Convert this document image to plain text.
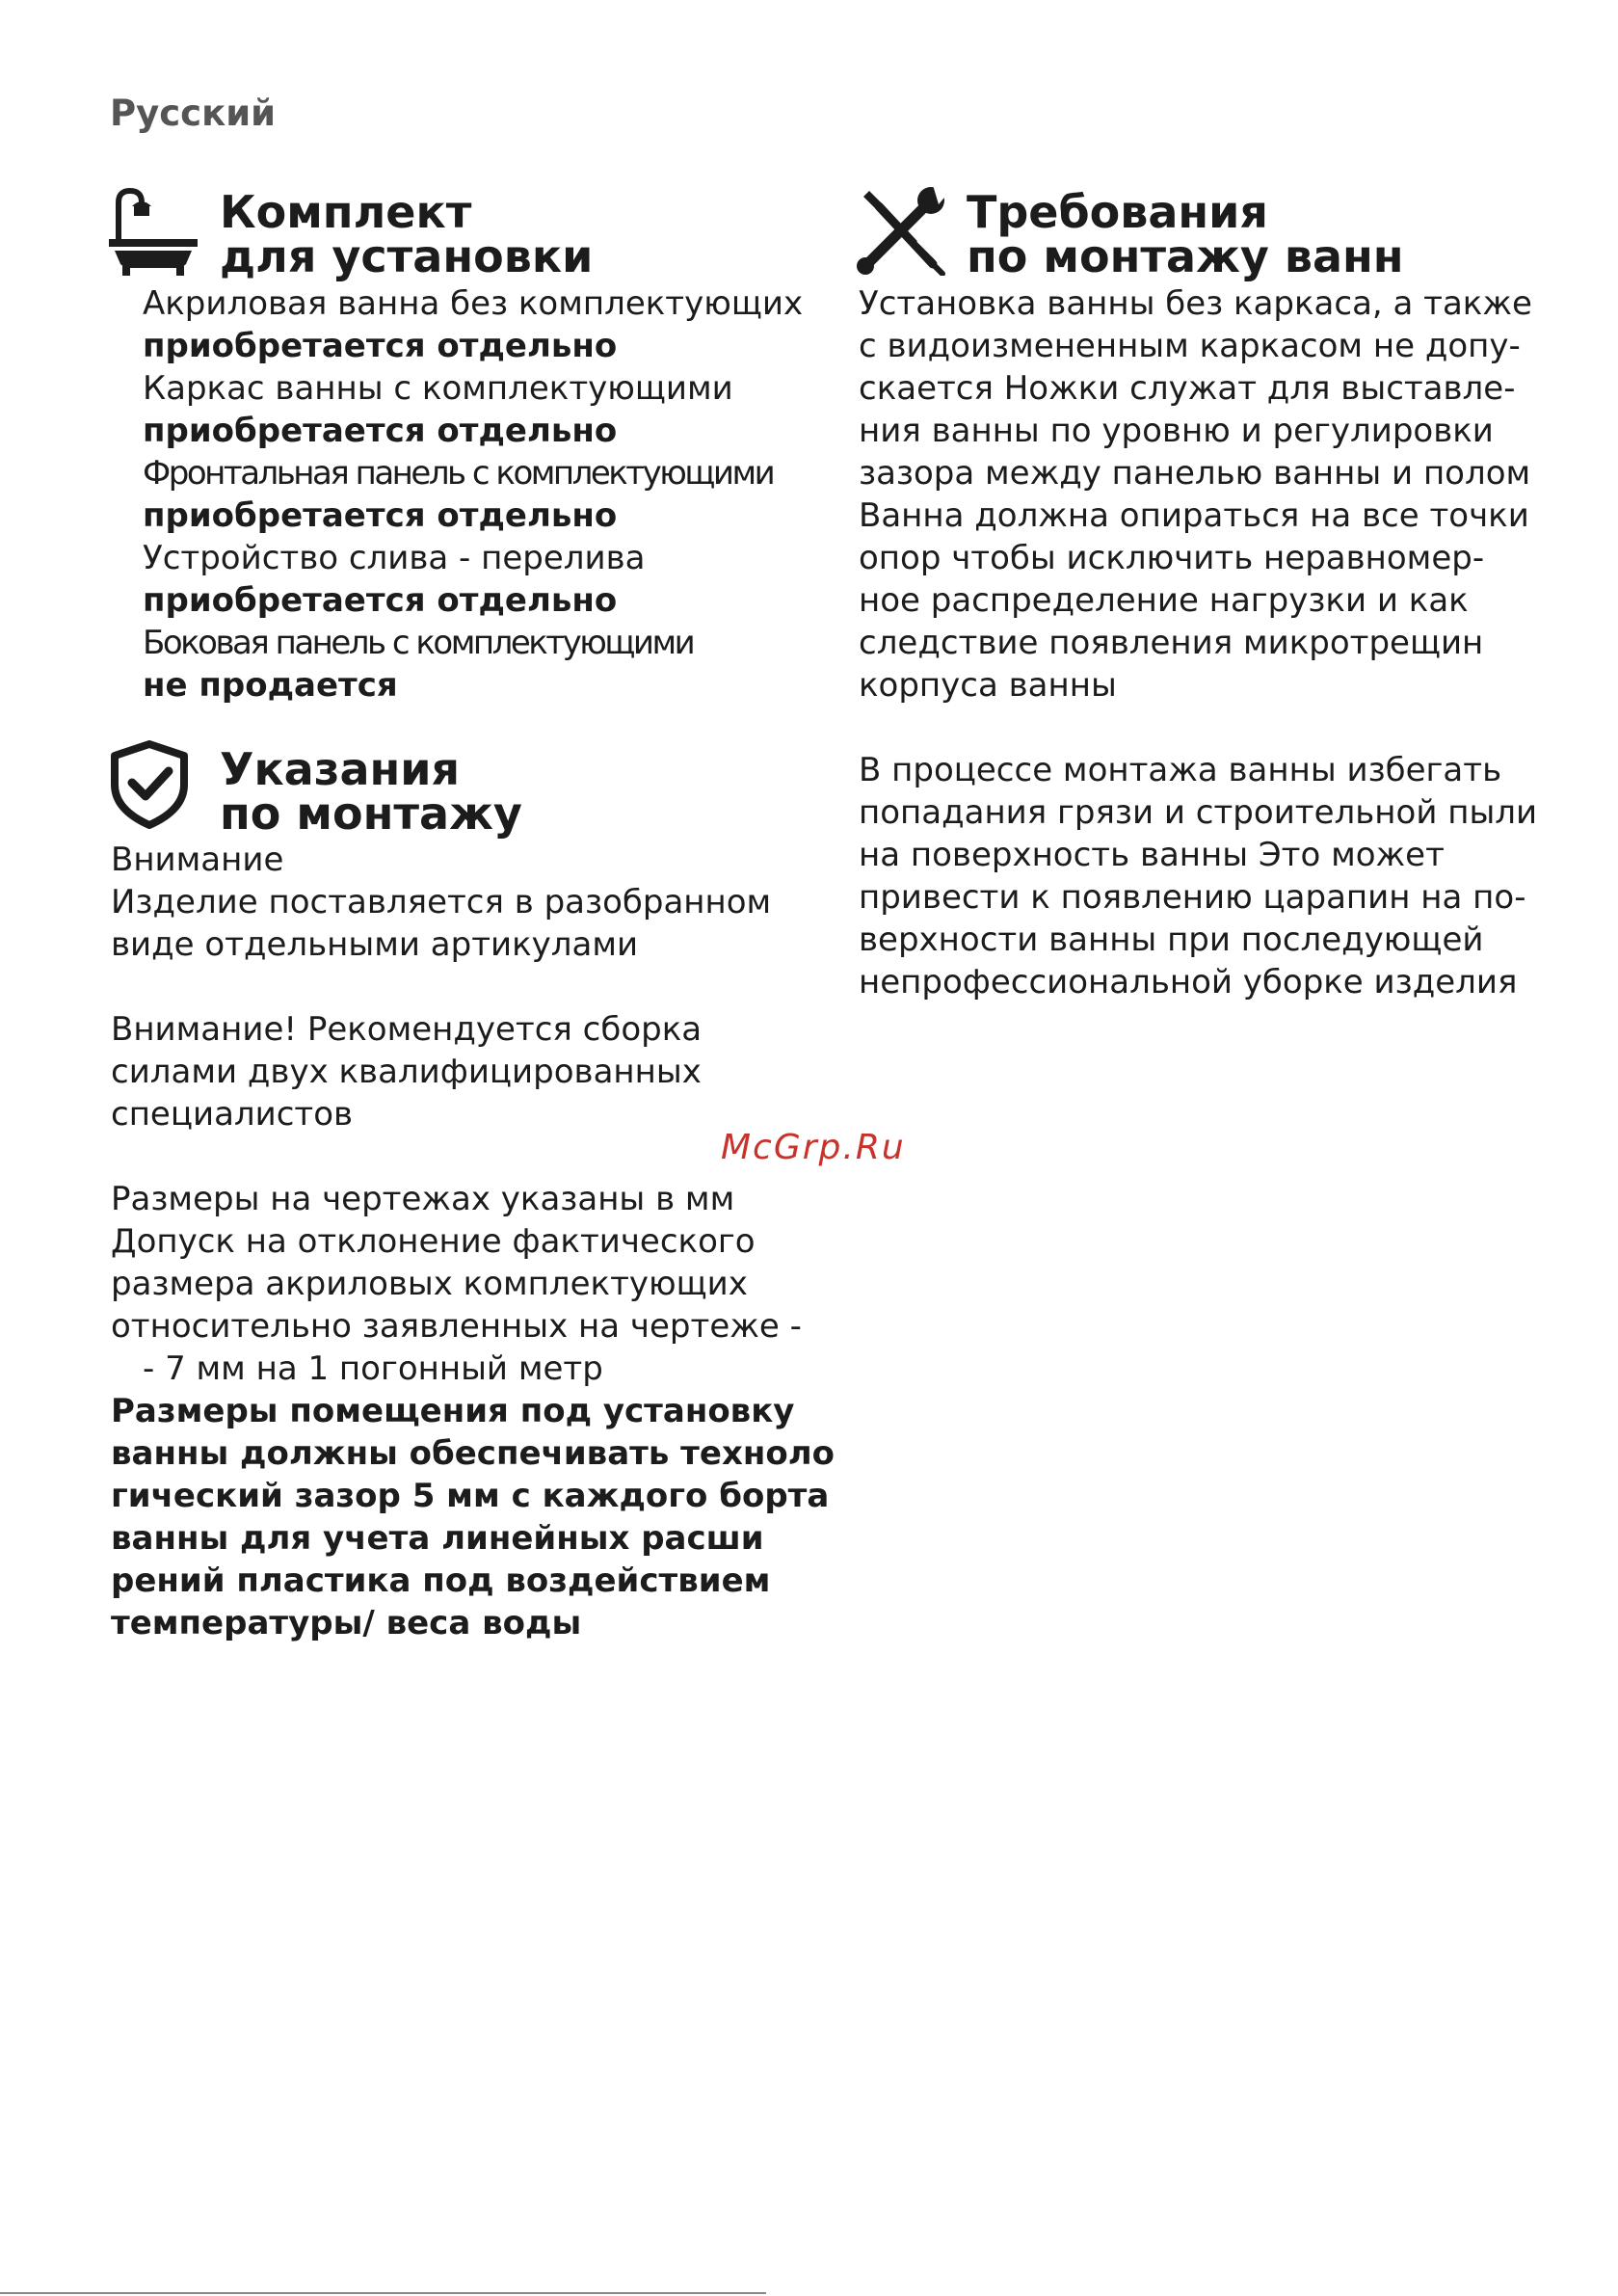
Русский
Комплект
для установки
Акриловая ванна без комплектующих
приобретается отдельно
Каркас ванны с комплектующими
приобретается отдельно
Фронтальная панель с комплектующими
приобретается отдельно
Устройство слива - перелива
приобретается отдельно
Боковая панель с комплектующими
не продается
Указания
по монтажу
Внимание
Изделие поставляется в разобранном
виде отдельными артикулами
Внимание! Рекомендуется сборка
силами двух квалифицированных
специалистов
Размеры на чертежах указаны в мм
Допуск на отклонение фактического
размера акриловых комплектующих
относительно заявленных на чертеже -
- 7 мм на 1 погонный метр
Размеры помещения под установку
ванны должны обеспечивать техноло
гический зазор 5 мм с каждого борта
ванны для учета линейных расши
рений пластика под воздействием
температуры/ веса воды
Требования
по монтажу ванн
Установка ванны без каркаса, а также
с видоизмененным каркасом не допу-
скается Ножки служат для выставле-
ния ванны по уровню и регулировки
зазора между панелью ванны и полом
Ванна должна опираться на все точки
опор чтобы исключить неравномер-
ное распределение нагрузки и как
следствие появления микротрещин
корпуса ванны
В процессе монтажа ванны избегать
попадания грязи и строительной пыли
на поверхность ванны Это может
привести к появлению царапин на по-
верхности ванны при последующей
непрофессиональной уборке изделия
McGrp.Ru
